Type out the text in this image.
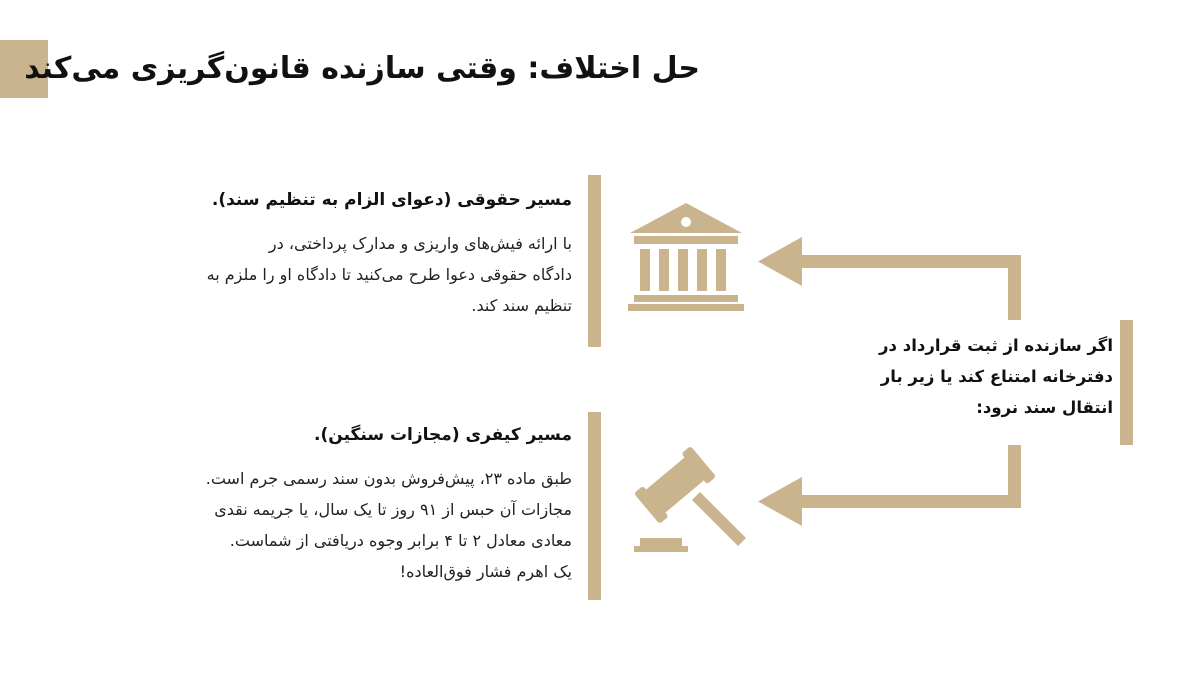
حل اختلاف: وقتی سازنده قانون‌گریزی می‌کند
مسیر حقوقی (دعوای الزام به تنظیم سند).
با ارائه فیش‌های واریزی و مدارک پرداختی، در
دادگاه حقوقی دعوا طرح می‌کنید تا دادگاه او را ملزم به
تنظیم سند کند.
مسیر کیفری (مجازات سنگین).
طبق ماده ۲۳، پیش‌فروش بدون سند رسمی جرم است.
مجازات آن حبس از ۹۱ روز تا یک سال، یا جریمه نقدی
معادی معادل ۲ تا ۴ برابر وجوه دریافتی از شماست.
یک اهرم فشار فوق‌العاده!
اگر سازنده از ثبت قرارداد در
دفترخانه امتناع کند یا زیر بار
انتقال سند نرود:
